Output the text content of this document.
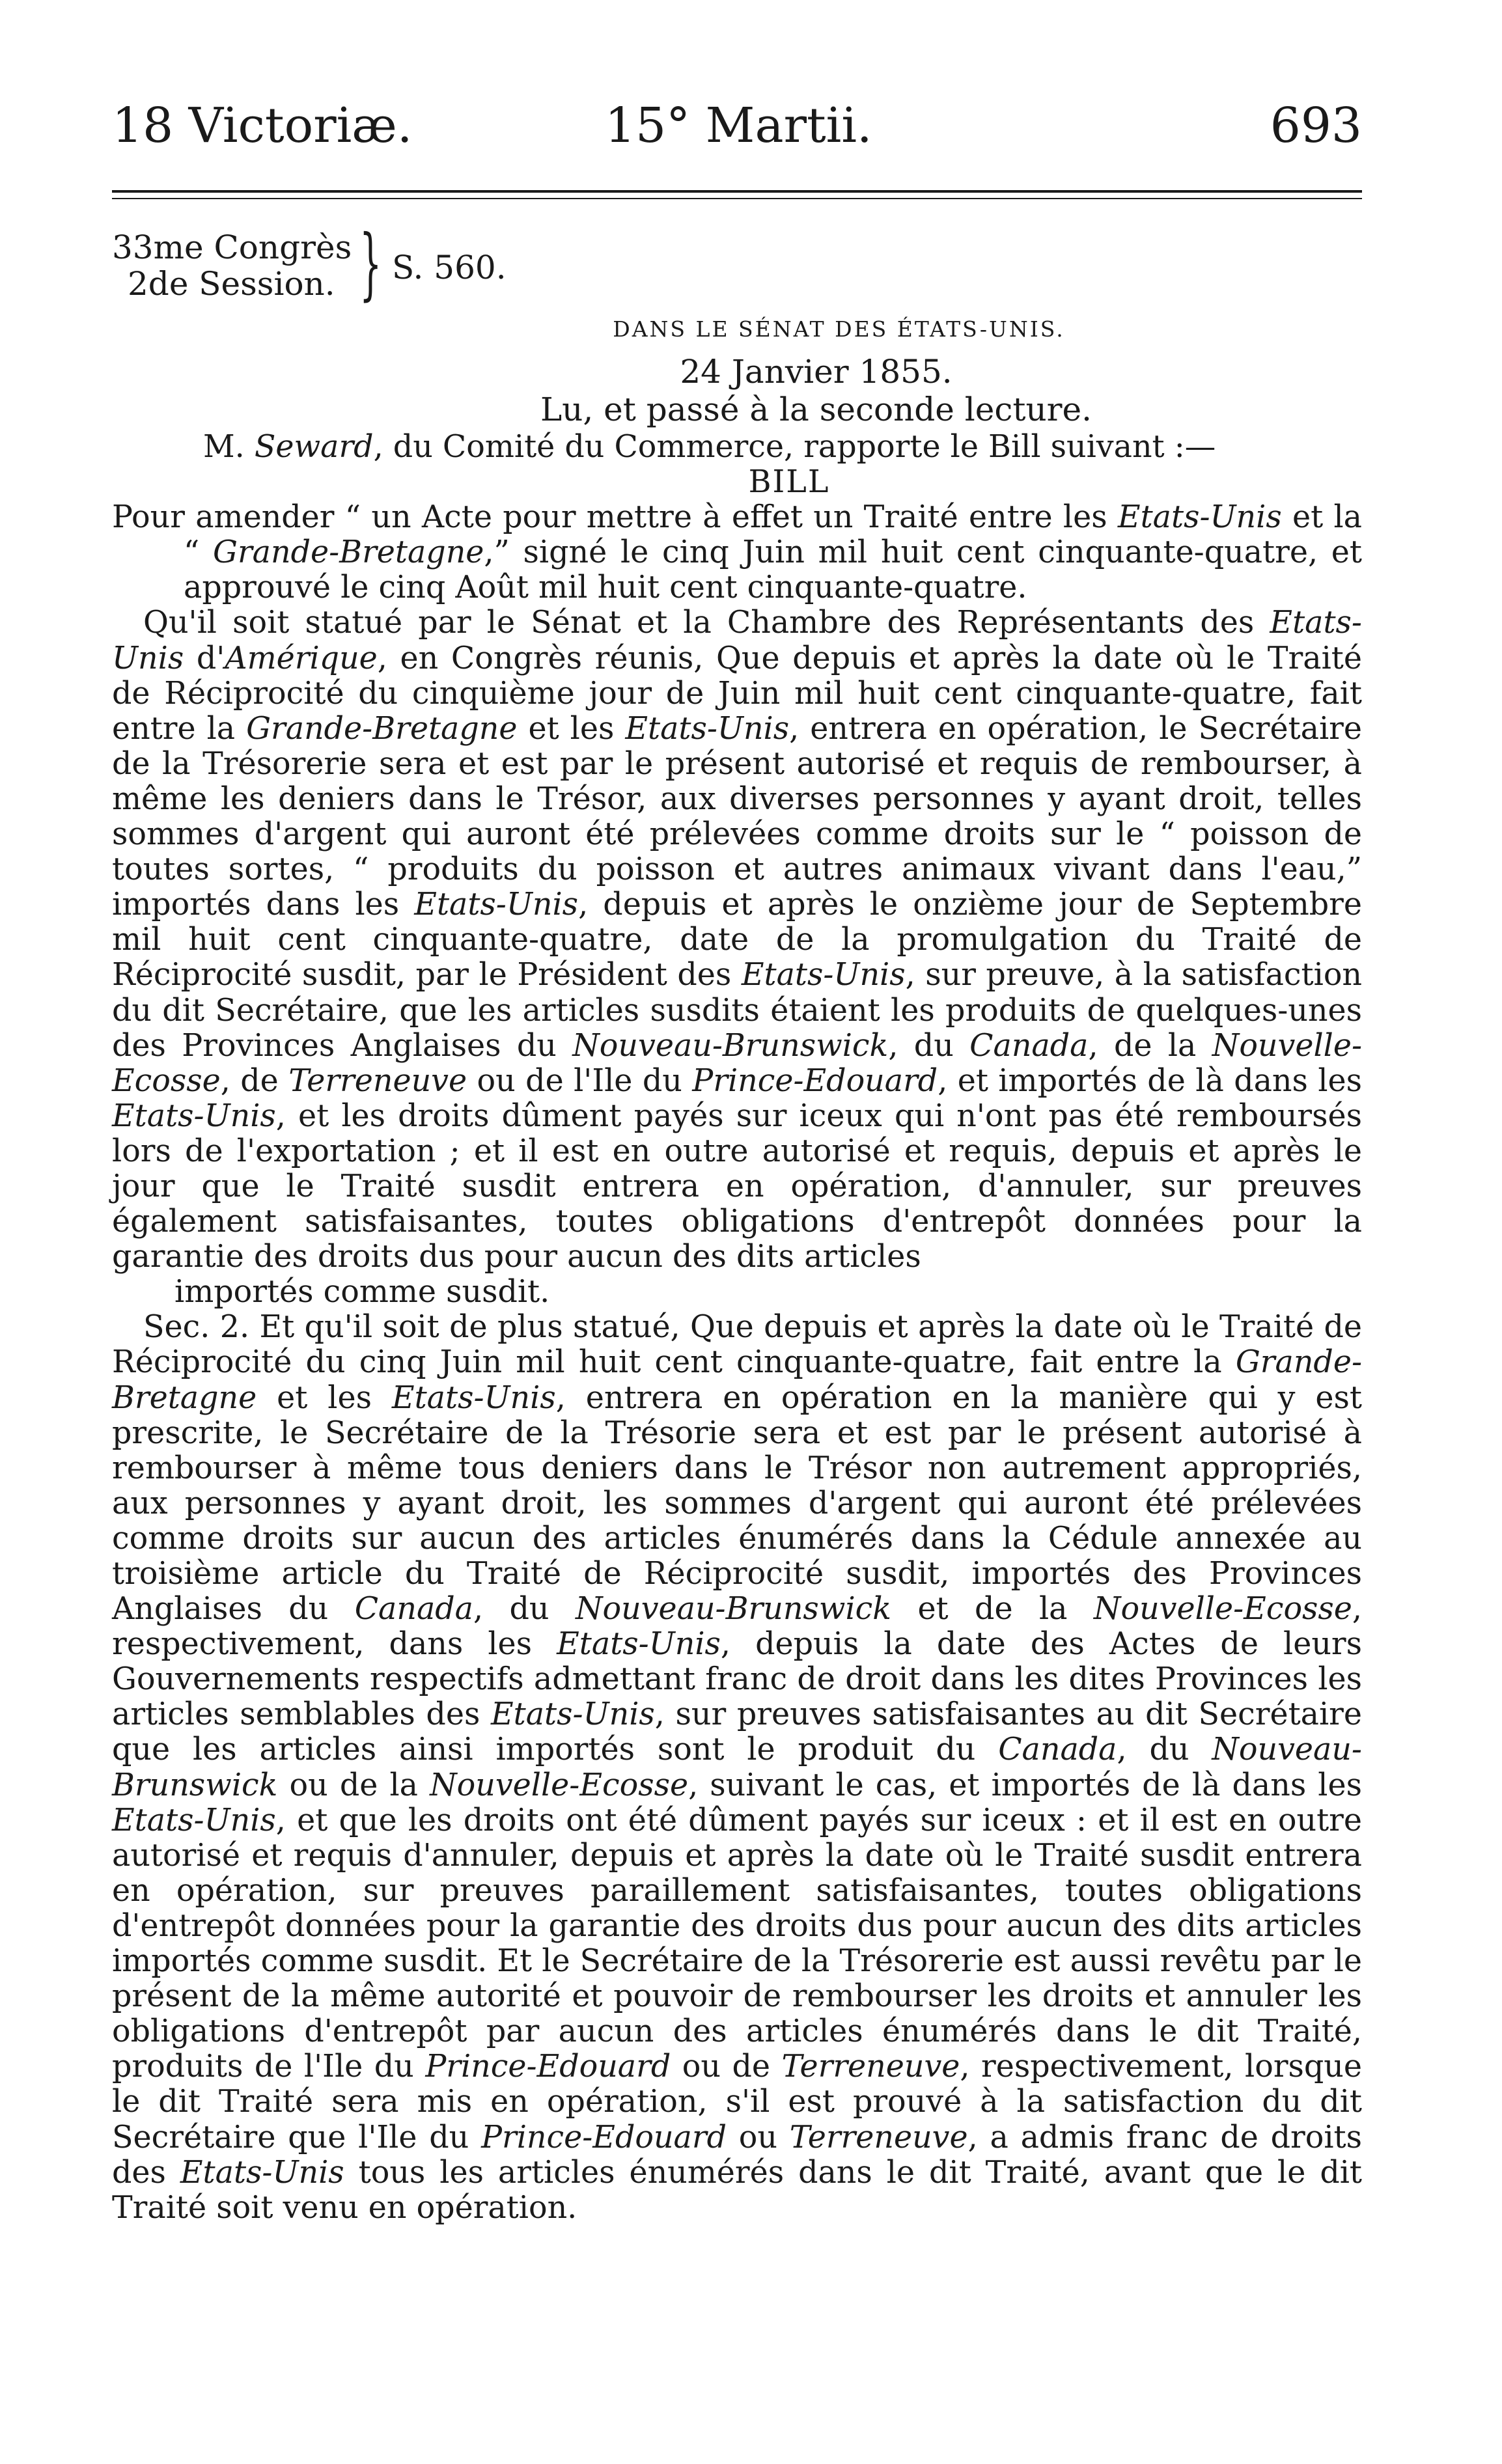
18 Victoriæ.	15° Martii.	693
33me Congrès
2de Session. } S. 560.
DANS LE SÉNAT DES ÉTATS-UNIS.
24 Janvier 1855.
Lu, et passé à la seconde lecture.

M. Seward, du Comité du Commerce, rapporte le Bill suivant :—

BILL

Pour amender “ un Acte pour mettre à effet un Traité entre les Etats-Unis et la “ Grande-Bretagne,” signé le cinq Juin mil huit cent cinquante-quatre, et approuvé le cinq Août mil huit cent cinquante-quatre.

Qu'il soit statué par le Sénat et la Chambre des Représentants des Etats-Unis d'Amérique, en Congrès réunis, Que depuis et après la date où le Traité de Réciprocité du cinquième jour de Juin mil huit cent cinquante-quatre, fait entre la Grande-Bretagne et les Etats-Unis, entrera en opération, le Secrétaire de la Trésorerie sera et est par le présent autorisé et requis de rembourser, à même les deniers dans le Trésor, aux diverses personnes y ayant droit, telles sommes d'argent qui auront été prélevées comme droits sur le “ poisson de toutes sortes, “ produits du poisson et autres animaux vivant dans l'eau,” importés dans les Etats-Unis, depuis et après le onzième jour de Septembre mil huit cent cinquante-quatre, date de la promulgation du Traité de Réciprocité susdit, par le Président des Etats-Unis, sur preuve, à la satisfaction du dit Secrétaire, que les articles susdits étaient les produits de quelques-unes des Provinces Anglaises du Nouveau-Brunswick, du Canada, de la Nouvelle-Ecosse, de Terreneuve ou de l'Ile du Prince-Edouard, et importés de là dans les Etats-Unis, et les droits dûment payés sur iceux qui n'ont pas été remboursés lors de l'exportation ; et il est en outre autorisé et requis, depuis et après le jour que le Traité susdit entrera en opération, d'annuler, sur preuves également satisfaisantes, toutes obligations d'entrepôt données pour la garantie des droits dus pour aucun des dits articles
importés comme susdit.

Sec. 2. Et qu'il soit de plus statué, Que depuis et après la date où le Traité de Réciprocité du cinq Juin mil huit cent cinquante-quatre, fait entre la Grande-Bretagne et les Etats-Unis, entrera en opération en la manière qui y est prescrite, le Secrétaire de la Trésorie sera et est par le présent autorisé à rembourser à même tous deniers dans le Trésor non autrement appropriés, aux personnes y ayant droit, les sommes d'argent qui auront été prélevées comme droits sur aucun des articles énumérés dans la Cédule annexée au troisième article du Traité de Réciprocité susdit, importés des Provinces Anglaises du Canada, du Nouveau-Brunswick et de la Nouvelle-Ecosse, respectivement, dans les Etats-Unis, depuis la date des Actes de leurs Gouvernements respectifs admettant franc de droit dans les dites Provinces les articles semblables des Etats-Unis, sur preuves satisfaisantes au dit Secrétaire que les articles ainsi importés sont le produit du Canada, du Nouveau-Brunswick ou de la Nouvelle-Ecosse, suivant le cas, et importés de là dans les Etats-Unis, et que les droits ont été dûment payés sur iceux : et il est en outre autorisé et requis d'annuler, depuis et après la date où le Traité susdit entrera en opération, sur preuves paraillement satisfaisantes, toutes obligations d'entrepôt données pour la garantie des droits dus pour aucun des dits articles importés comme susdit. Et le Secrétaire de la Trésorerie est aussi revêtu par le présent de la même autorité et pouvoir de rembourser les droits et annuler les obligations d'entrepôt par aucun des articles énumérés dans le dit Traité, produits de l'Ile du Prince-Edouard ou de Terreneuve, respectivement, lorsque le dit Traité sera mis en opération, s'il est prouvé à la satisfaction du dit Secrétaire que l'Ile du Prince-Edouard ou Terreneuve, a admis franc de droits des Etats-Unis tous les articles énumérés dans le dit Traité, avant que le dit Traité soit venu en opération.
